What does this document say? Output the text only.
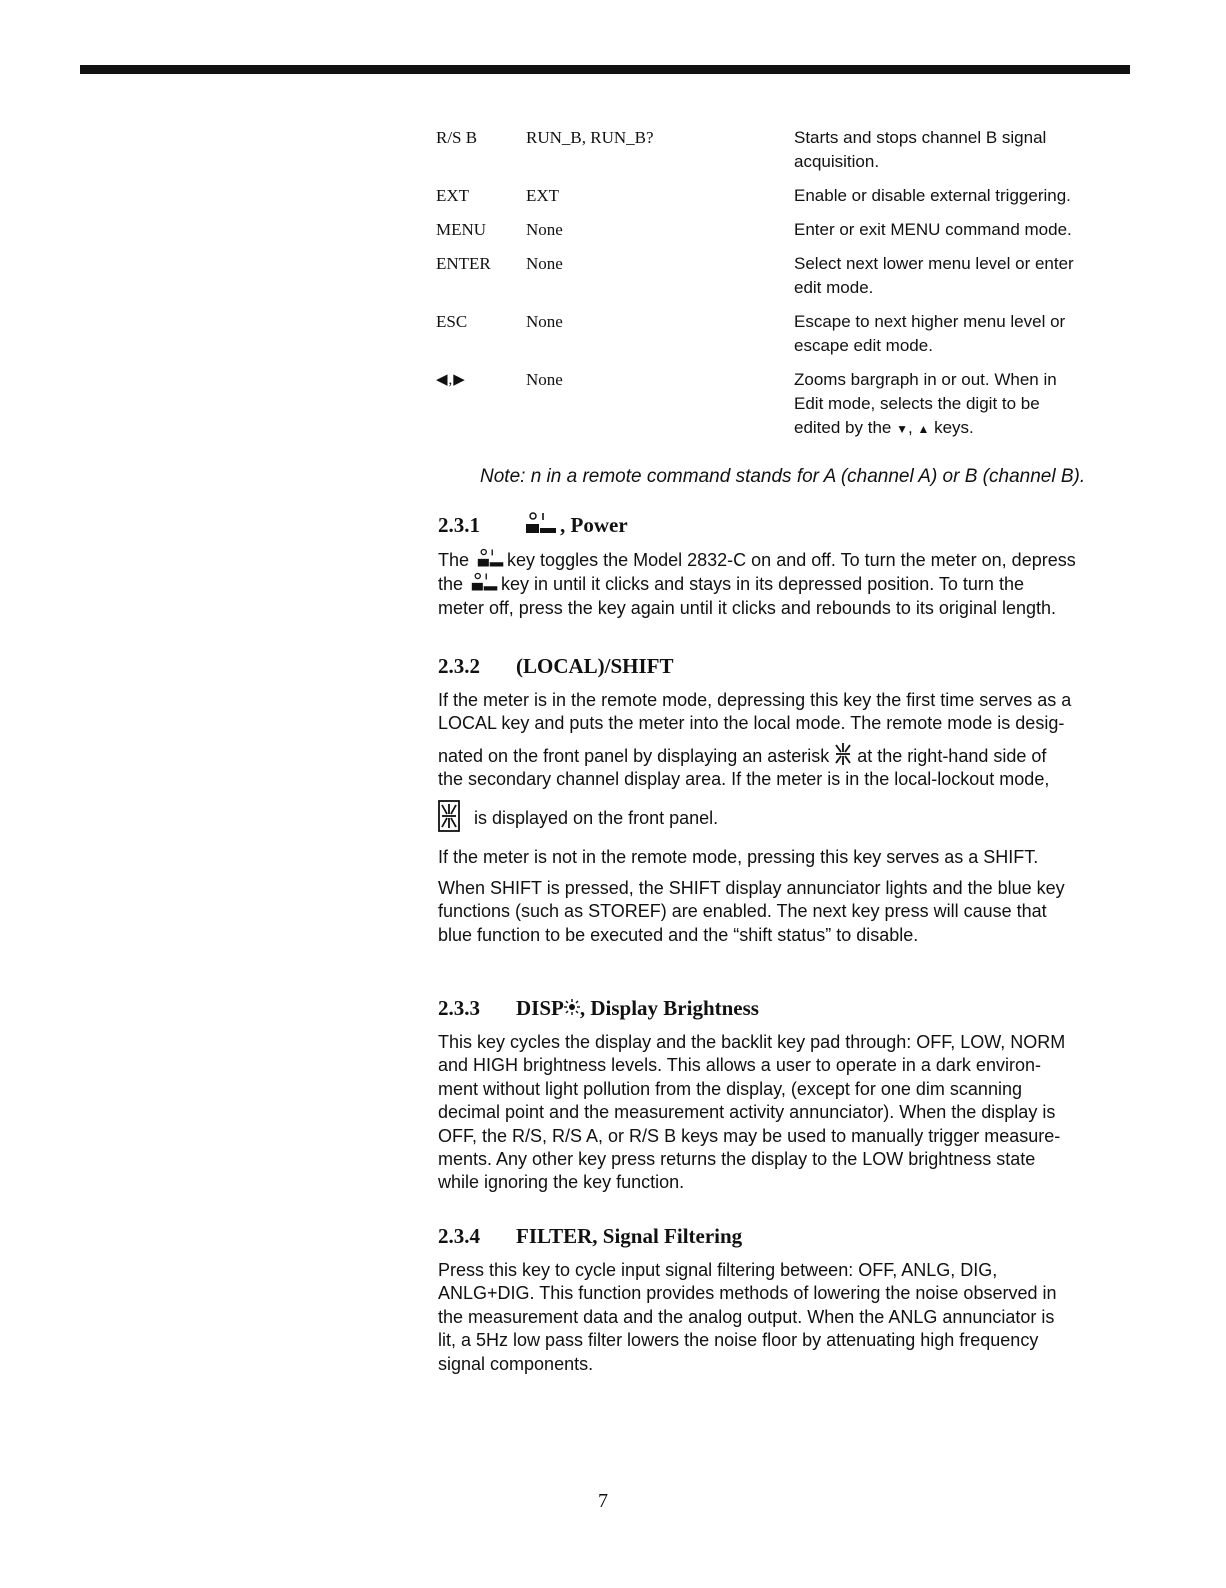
R/S B	RUN_B, RUN_B?	Starts and stops channel B signal
acquisition.
EXT	EXT	Enable or disable external triggering.
MENU	None	Enter or exit MENU command mode.
ENTER	None	Select next lower menu level or enter
edit mode.
ESC	None	Escape to next higher menu level or
escape edit mode.
◀,▶	None	Zooms bargraph in or out. When in
Edit mode, selects the digit to be
edited by the ▼, ▲ keys.
Note: n in a remote command stands for A (channel A) or B (channel B).
2.3.1	, Power
The key toggles the Model 2832-C on and off. To turn the meter on, depress
the key in until it clicks and stays in its depressed position. To turn the
meter off, press the key again until it clicks and rebounds to its original length.
2.3.2 (LOCAL)/SHIFT
If the meter is in the remote mode, depressing this key the first time serves as a
LOCAL key and puts the meter into the local mode. The remote mode is desig-
nated on the front panel by displaying an asterisk at the right-hand side of
the secondary channel display area. If the meter is in the local-lockout mode,
is displayed on the front panel.
If the meter is not in the remote mode, pressing this key serves as a SHIFT.
When SHIFT is pressed, the SHIFT display annunciator lights and the blue key
functions (such as STOREF) are enabled. The next key press will cause that
blue function to be executed and the “shift status” to disable.
2.3.3 DISP , Display Brightness
This key cycles the display and the backlit key pad through: OFF, LOW, NORM
and HIGH brightness levels. This allows a user to operate in a dark environ-
ment without light pollution from the display, (except for one dim scanning
decimal point and the measurement activity annunciator). When the display is
OFF, the R/S, R/S A, or R/S B keys may be used to manually trigger measure-
ments. Any other key press returns the display to the LOW brightness state
while ignoring the key function.
2.3.4 FILTER, Signal Filtering
Press this key to cycle input signal filtering between: OFF, ANLG, DIG,
ANLG+DIG. This function provides methods of lowering the noise observed in
the measurement data and the analog output. When the ANLG annunciator is
lit, a 5Hz low pass filter lowers the noise floor by attenuating high frequency
signal components.
7
